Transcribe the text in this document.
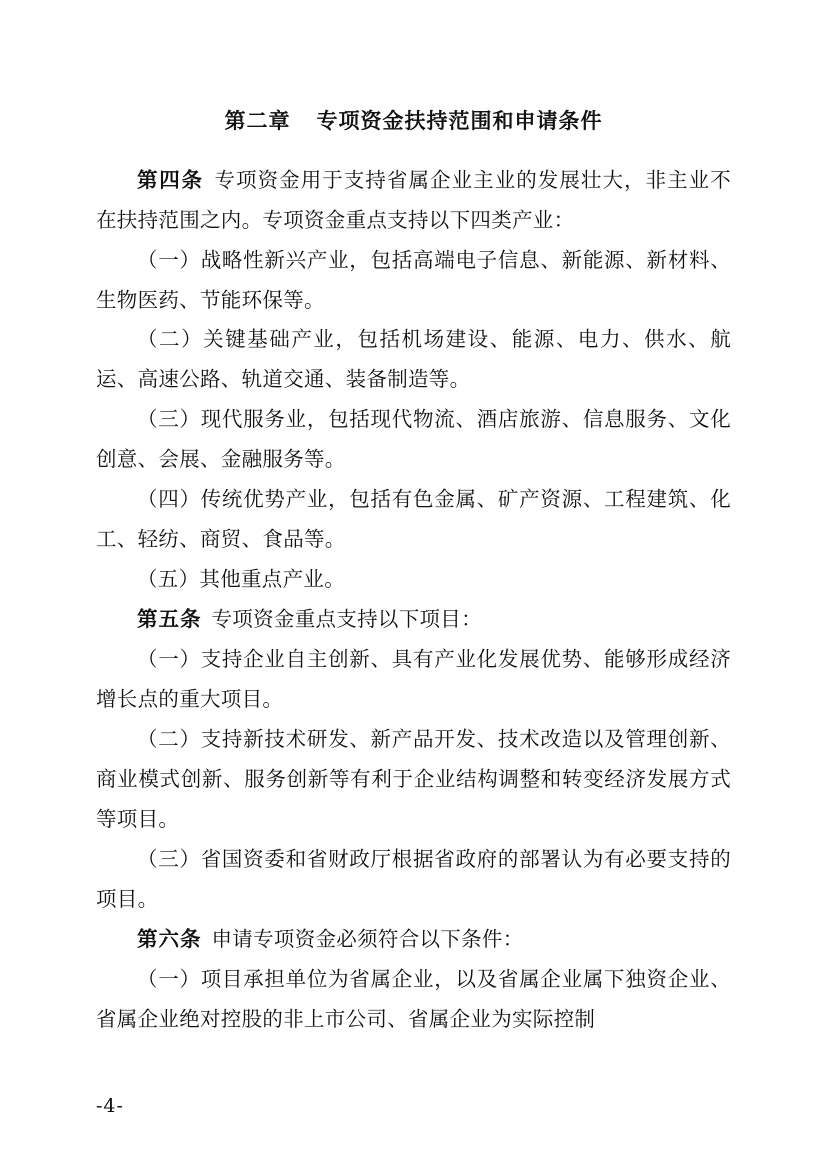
第二章 专项资金扶持范围和申请条件

第四条 专项资金用于支持省属企业主业的发展壮大，非主业不在扶持范围之内。专项资金重点支持以下四类产业：

（一）战略性新兴产业，包括高端电子信息、新能源、新材料、生物医药、节能环保等。

（二）关键基础产业，包括机场建设、能源、电力、供水、航运、高速公路、轨道交通、装备制造等。

（三）现代服务业，包括现代物流、酒店旅游、信息服务、文化创意、会展、金融服务等。

（四）传统优势产业，包括有色金属、矿产资源、工程建筑、化工、轻纺、商贸、食品等。

（五）其他重点产业。

第五条 专项资金重点支持以下项目：

（一）支持企业自主创新、具有产业化发展优势、能够形成经济增长点的重大项目。

（二）支持新技术研发、新产品开发、技术改造以及管理创新、商业模式创新、服务创新等有利于企业结构调整和转变经济发展方式等项目。

（三）省国资委和省财政厅根据省政府的部署认为有必要支持的项目。

第六条 申请专项资金必须符合以下条件：

（一）项目承担单位为省属企业，以及省属企业属下独资企业、省属企业绝对控股的非上市公司、省属企业为实际控制

-4-
